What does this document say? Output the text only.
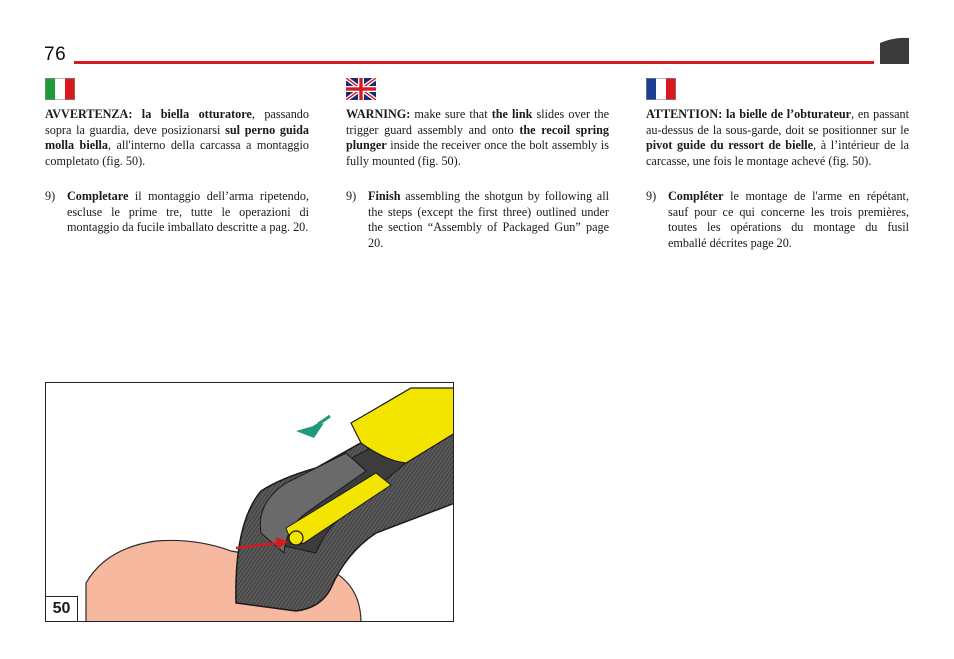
76
AVVERTENZA: la biella otturatore, passando sopra la guardia, deve posizionarsi sul perno guida molla biella, all'interno della carcassa a montaggio completato (fig. 50).
9) Completare il montaggio dell’arma ripetendo, escluse le prime tre, tutte le operazioni di montaggio da fucile imballato descritte a pag. 20.
WARNING: make sure that the link slides over the trigger guard assembly and onto the recoil spring plunger inside the receiver once the bolt assembly is fully mounted (fig. 50).
9) Finish assembling the shotgun by following all the steps (except the first three) outlined under the section “Assembly of Packaged Gun” page 20.
ATTENTION: la bielle de l’obturateur, en passant au-dessus de la sous-garde, doit se positionner sur le pivot guide du ressort de bielle, à l’intérieur de la carcasse, une fois le montage achevé (fig. 50).
9) Compléter le montage de l'arme en répétant, sauf pour ce qui concerne les trois premières, toutes les opérations du montage du fusil emballé décrites page 20.
50
